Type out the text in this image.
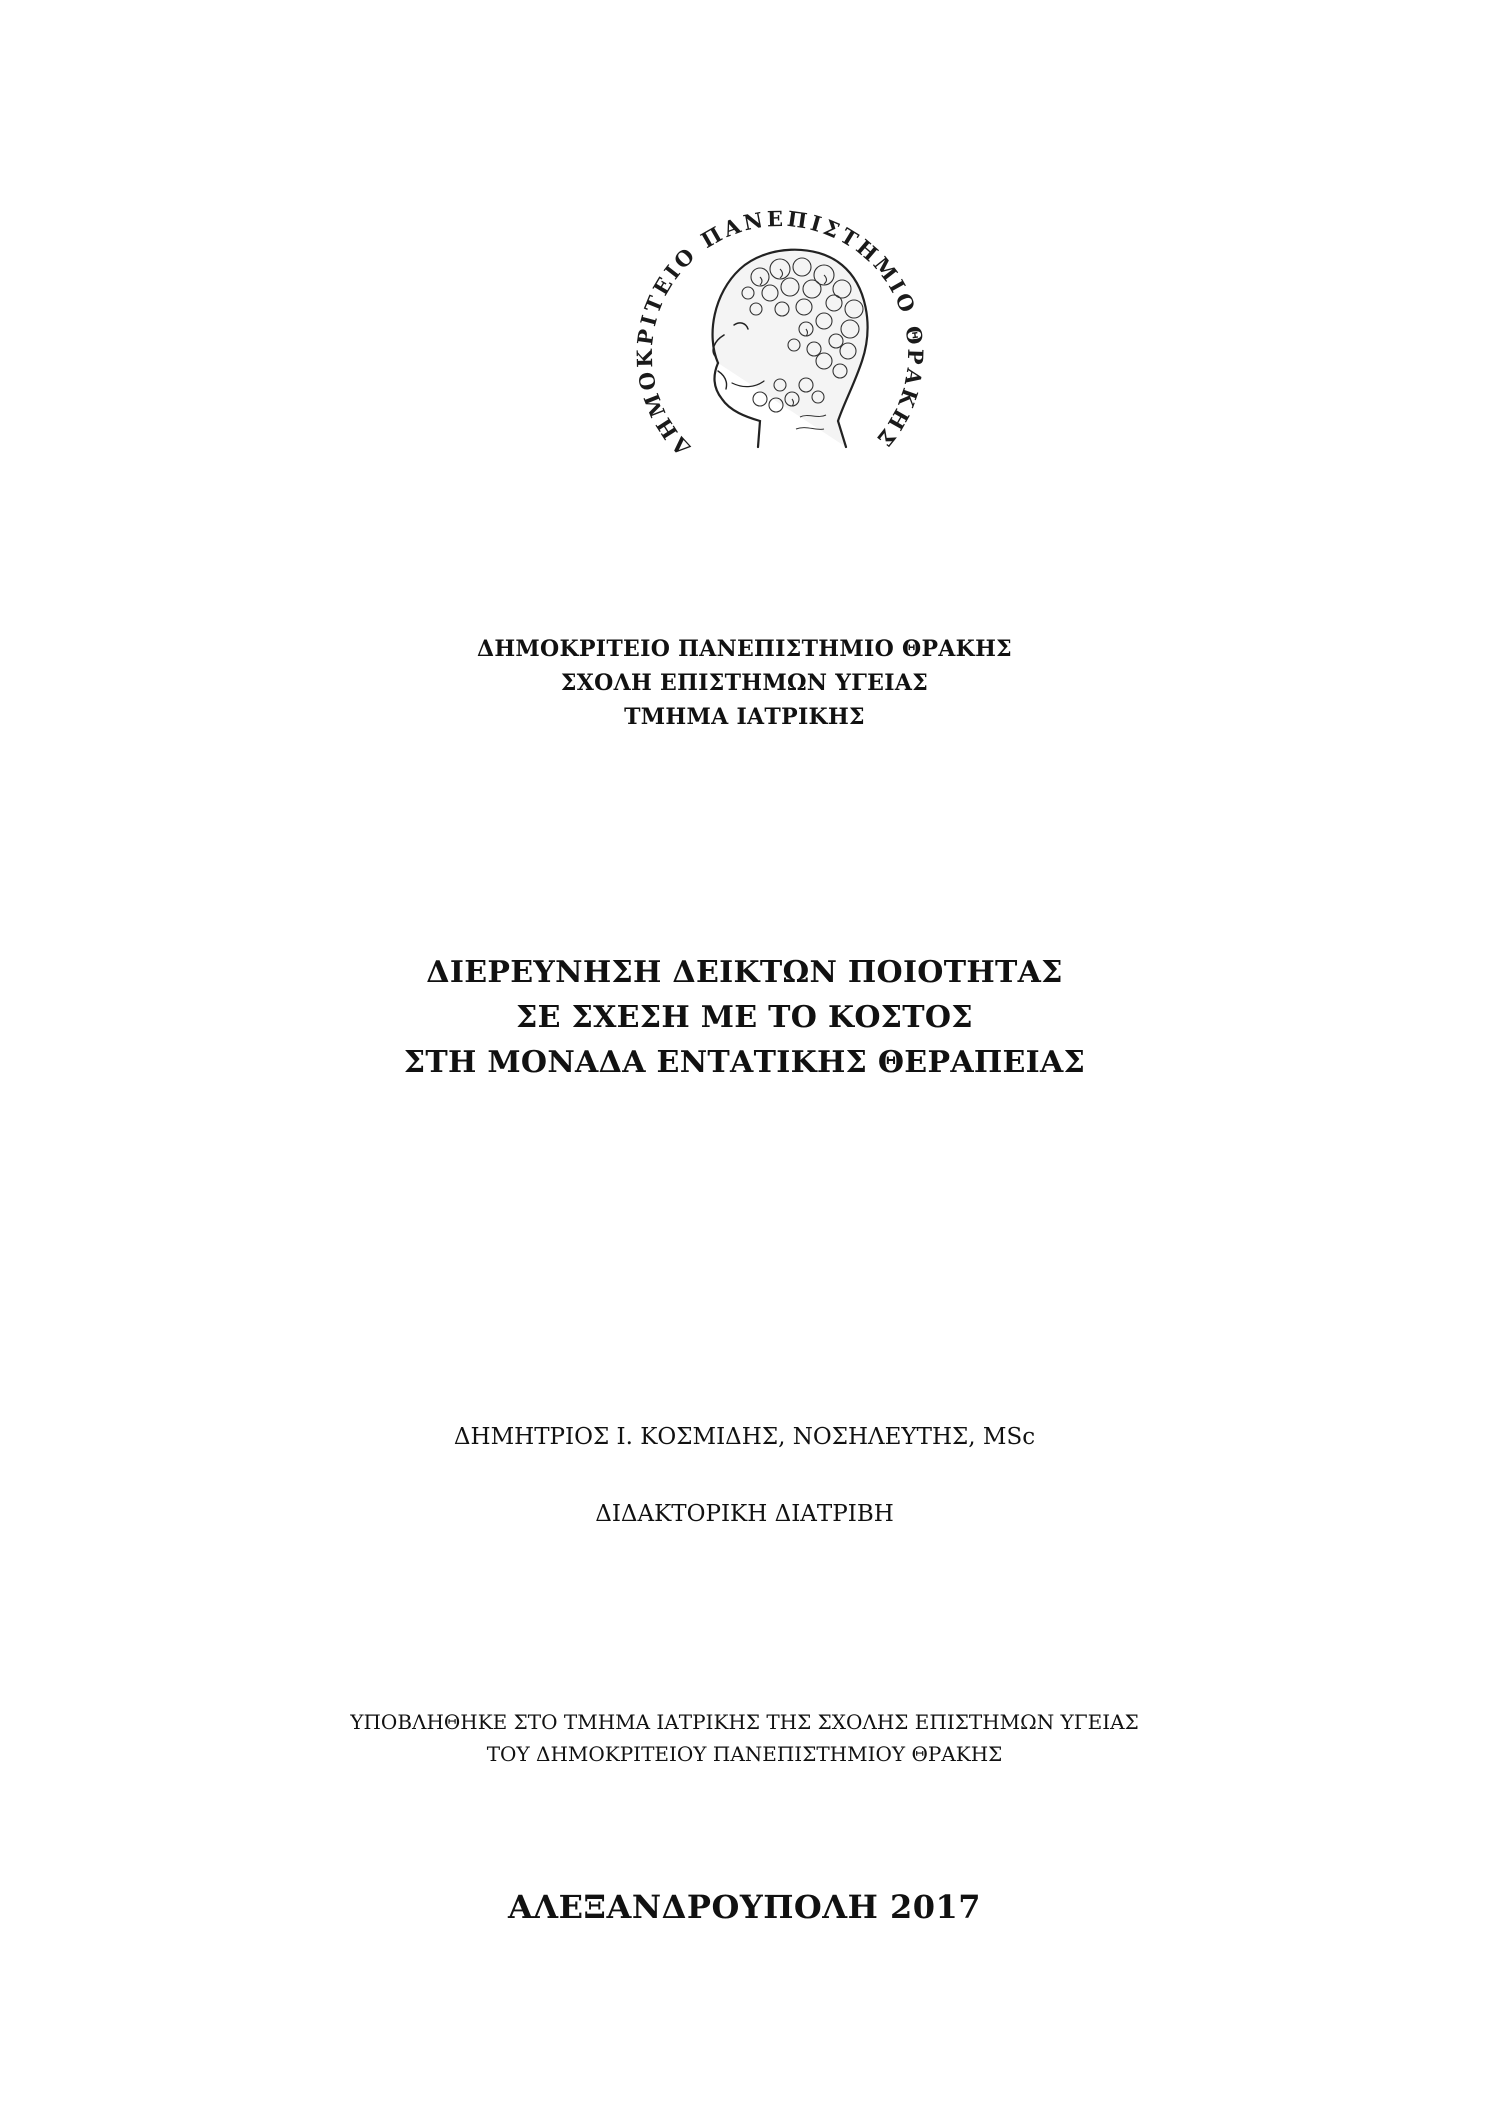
ΔΗΜΟΚΡΙΤΕΙΟ ΠΑΝΕΠΙΣΤΗΜΙΟ ΘΡΑΚΗΣ
ΔΗΜΟΚΡΙΤΕΙΟ ΠΑΝΕΠΙΣΤΗΜΙΟ ΘΡΑΚΗΣ
ΣΧΟΛΗ ΕΠΙΣΤΗΜΩΝ ΥΓΕΙΑΣ
ΤΜΗΜΑ ΙΑΤΡΙΚΗΣ
ΔΙΕΡΕΥΝΗΣΗ ΔΕΙΚΤΩΝ ΠΟΙΟΤΗΤΑΣ
ΣΕ ΣΧΕΣΗ ΜΕ ΤΟ ΚΟΣΤΟΣ
ΣΤΗ ΜΟΝΑΔΑ ΕΝΤΑΤΙΚΗΣ ΘΕΡΑΠΕΙΑΣ
ΔΗΜΗΤΡΙΟΣ Ι. ΚΟΣΜΙΔΗΣ, ΝΟΣΗΛΕΥΤΗΣ, MSc
ΔΙΔΑΚΤΟΡΙΚΗ ΔΙΑΤΡΙΒΗ
ΥΠΟΒΛΗΘΗΚΕ ΣΤΟ ΤΜΗΜΑ ΙΑΤΡΙΚΗΣ ΤΗΣ ΣΧΟΛΗΣ ΕΠΙΣΤΗΜΩΝ ΥΓΕΙΑΣ
ΤΟΥ ΔΗΜΟΚΡΙΤΕΙΟΥ ΠΑΝΕΠΙΣΤΗΜΙΟΥ ΘΡΑΚΗΣ
ΑΛΕΞΑΝΔΡΟΥΠΟΛΗ 2017
